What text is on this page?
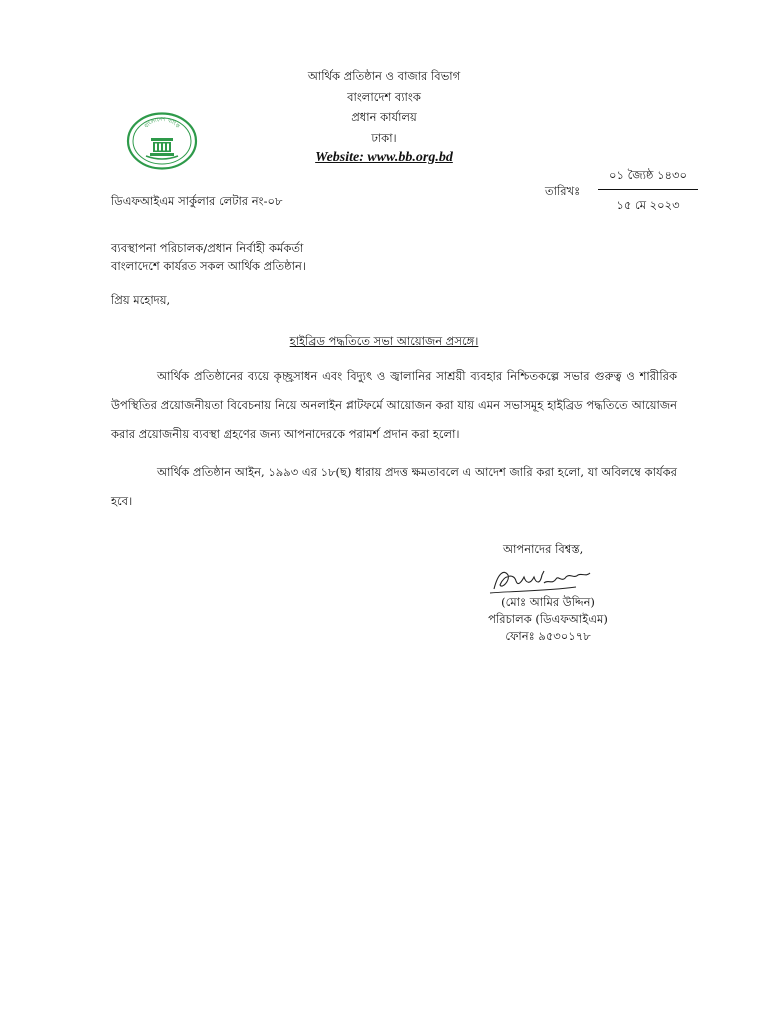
আর্থিক প্রতিষ্ঠান ও বাজার বিভাগ
বাংলাদেশ ব্যাংক
প্রধান কার্যালয়
ঢাকা।
Website: www.bb.org.bd
বাংলাদেশ ব্যাংক
তারিখঃ
০১ জ্যৈষ্ঠ ১৪৩০
১৫ মে ২০২৩
ডিএফআইএম সার্কুলার লেটার নং-০৮
ব্যবস্থাপনা পরিচালক/প্রধান নির্বাহী কর্মকর্তা
বাংলাদেশে কার্যরত সকল আর্থিক প্রতিষ্ঠান।
প্রিয় মহোদয়,
হাইব্রিড পদ্ধতিতে সভা আয়োজন প্রসঙ্গে।
আর্থিক প্রতিষ্ঠানের ব্যয়ে কৃচ্ছ্রসাধন এবং বিদ্যুৎ ও জ্বালানির সাশ্রয়ী ব্যবহার নিশ্চিতকল্পে সভার গুরুত্ব ও শারীরিক উপস্থিতির প্রয়োজনীয়তা বিবেচনায় নিয়ে অনলাইন প্লাটফর্মে আয়োজন করা যায় এমন সভাসমূহ হাইব্রিড পদ্ধতিতে আয়োজন করার প্রয়োজনীয় ব্যবস্থা গ্রহণের জন্য আপনাদেরকে পরামর্শ প্রদান করা হলো।
আর্থিক প্রতিষ্ঠান আইন, ১৯৯৩ এর ১৮(ছ) ধারায় প্রদত্ত ক্ষমতাবলে এ আদেশ জারি করা হলো, যা অবিলম্বে কার্যকর হবে।
আপনাদের বিশ্বস্ত,
(মোঃ আমির উদ্দিন)
পরিচালক (ডিএফআইএম)
ফোনঃ ৯৫৩০১৭৮
